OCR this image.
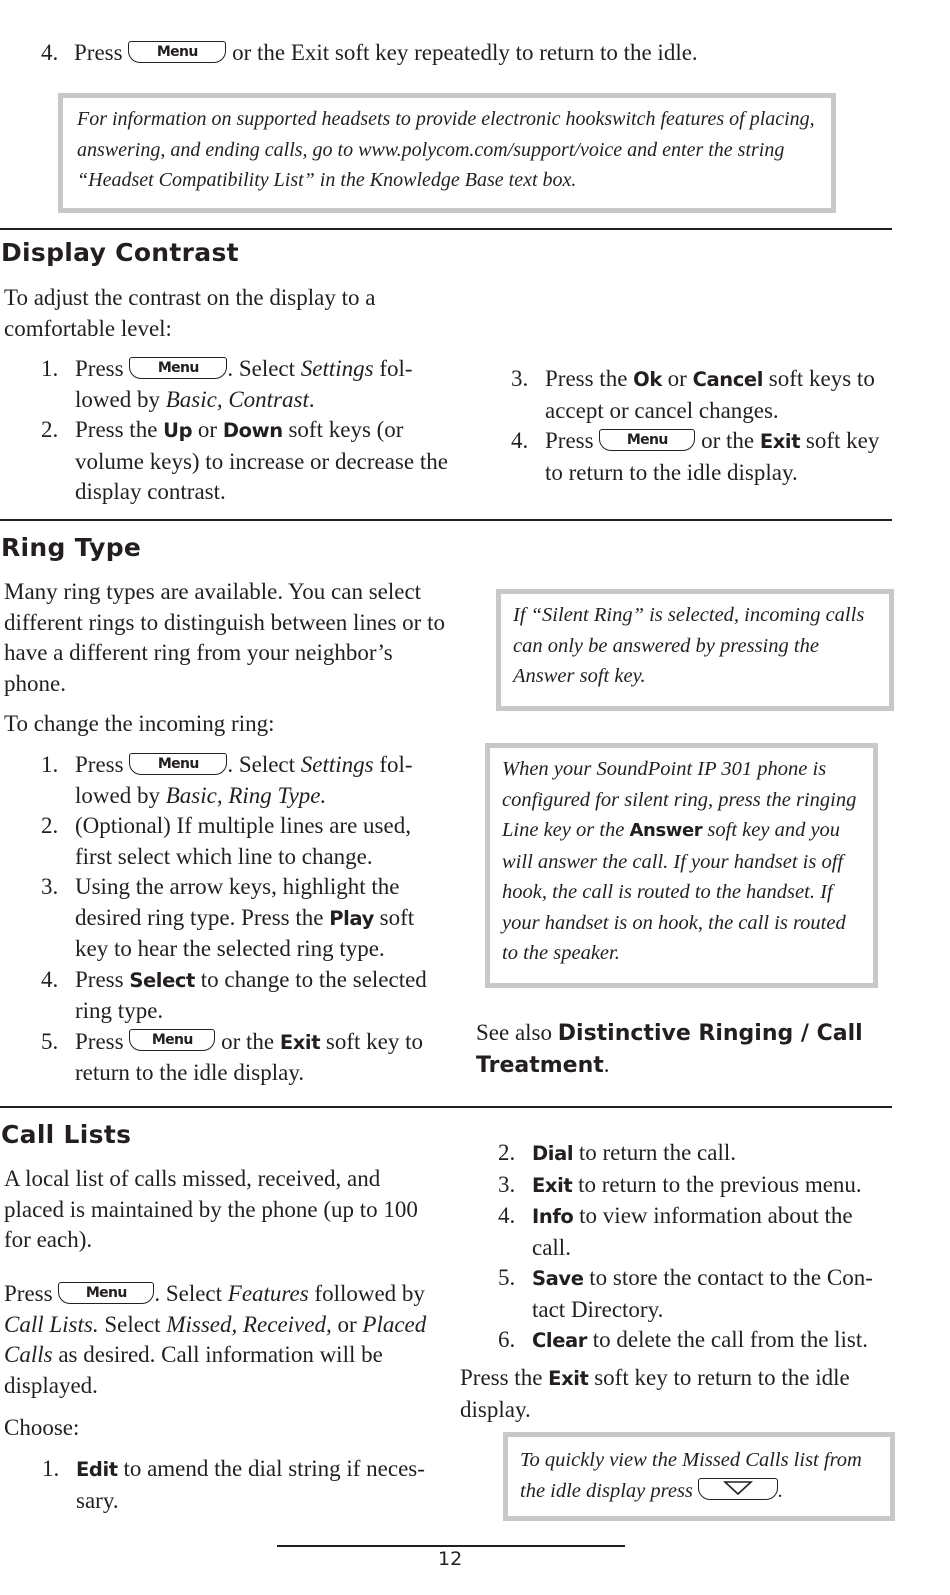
4. Press Menu or the Exit soft key repeatedly to return to the idle.
For information on supported headsets to provide electronic hookswitch features of placing, answering, and ending calls, go to www.polycom.com/support/voice and enter the string “Headset Compatibility List” in the Knowledge Base text box.
Display Contrast
To adjust the contrast on the display to a comfortable level:
1. Press Menu . Select Settings fol- lowed by Basic, Contrast.
2. Press the Up or Down soft keys (or volume keys) to increase or decrease the display contrast.
3. Press the Ok or Cancel soft keys to accept or cancel changes.
4. Press Menu or the Exit soft key to return to the idle display.
Ring Type
Many ring types are available. You can select different rings to distinguish between lines or to have a different ring from your neighbor’s phone.
To change the incoming ring:
1. Press Menu . Select Settings fol- lowed by Basic, Ring Type.
2. (Optional) If multiple lines are used, first select which line to change.
3. Using the arrow keys, highlight the desired ring type. Press the Play soft key to hear the selected ring type.
4. Press Select to change to the selected ring type.
5. Press Menu or the Exit soft key to return to the idle display.
If “Silent Ring” is selected, incoming calls can only be answered by pressing the Answer soft key.
When your SoundPoint IP 301 phone is configured for silent ring, press the ringing Line key or the Answer soft key and you will answer the call. If your handset is off hook, the call is routed to the handset. If your handset is on hook, the call is routed to the speaker.
See also Distinctive Ringing / Call Treatment.
Call Lists
A local list of calls missed, received, and placed is maintained by the phone (up to 100 for each).
Press Menu . Select Features followed by Call Lists. Select Missed, Received, or Placed Calls as desired. Call information will be displayed.
Choose:
1. Edit to amend the dial string if neces- sary.
2. Dial to return the call.
3. Exit to return to the previous menu.
4. Info to view information about the call.
5. Save to store the contact to the Con- tact Directory.
6. Clear to delete the call from the list.
Press the Exit soft key to return to the idle display.
To quickly view the Missed Calls list from the idle display press	.
12
